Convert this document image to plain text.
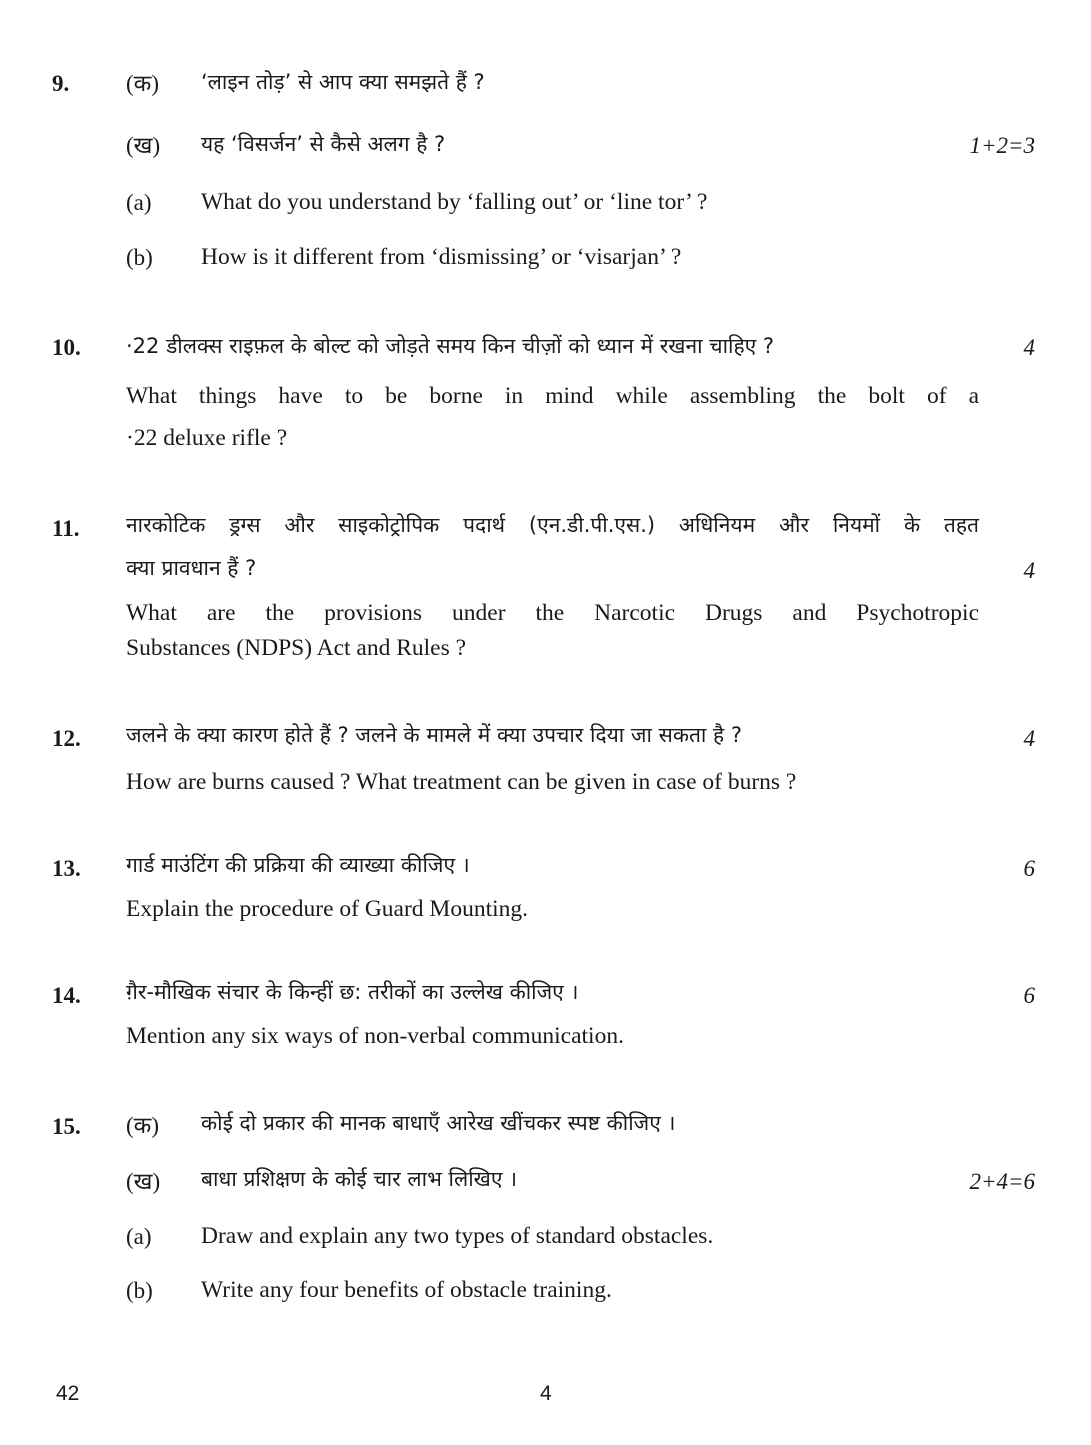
9. (क) ‘लाइन तोड़’ से आप क्या समझते हैं ?
(ख) यह ‘विसर्जन’ से कैसे अलग है ?	1+2=3
(a) What do you understand by ‘falling out’ or ‘line tor’ ?
(b) How is it different from ‘dismissing’ or ‘visarjan’ ?
10. ·22 डीलक्स राइफ़ल के बोल्ट को जोड़ते समय किन चीज़ों को ध्यान में रखना चाहिए ?	4
What things have to be borne in mind while assembling the bolt of a
·22 deluxe rifle ?
11. नारकोटिक ड्रग्स और साइकोट्रोपिक पदार्थ (एन.डी.पी.एस.) अधिनियम और नियमों के तहत
क्या प्रावधान हैं ?	4
What are the provisions under the Narcotic Drugs and Psychotropic
Substances (NDPS) Act and Rules ?
12. जलने के क्या कारण होते हैं ? जलने के मामले में क्या उपचार दिया जा सकता है ?	4
How are burns caused ? What treatment can be given in case of burns ?
13. गार्ड माउंटिंग की प्रक्रिया की व्याख्या कीजिए ।	6
Explain the procedure of Guard Mounting.
14. ग़ैर-मौखिक संचार के किन्हीं छ: तरीकों का उल्लेख कीजिए ।	6
Mention any six ways of non-verbal communication.
15. (क) कोई दो प्रकार की मानक बाधाएँ आरेख खींचकर स्पष्ट कीजिए ।
(ख) बाधा प्रशिक्षण के कोई चार लाभ लिखिए ।	2+4=6
(a) Draw and explain any two types of standard obstacles.
(b) Write any four benefits of obstacle training.
42	4
